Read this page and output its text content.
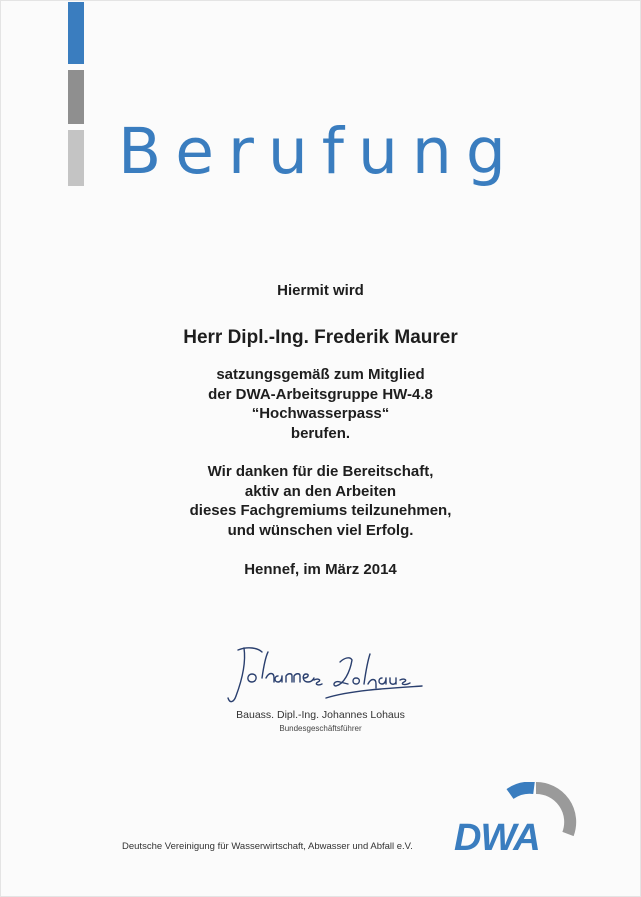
Berufung
Hiermit wird
Herr Dipl.-Ing. Frederik Maurer
satzungsgemäß zum Mitglied
der DWA-Arbeitsgruppe HW-4.8
“Hochwasserpass“
berufen.
Wir danken für die Bereitschaft,
aktiv an den Arbeiten
dieses Fachgremiums teilzunehmen,
und wünschen viel Erfolg.
Hennef, im März 2014
Bauass. Dipl.-Ing. Johannes Lohaus
Bundesgeschäftsführer
Deutsche Vereinigung für Wasserwirtschaft, Abwasser und Abfall e.V. DWA
